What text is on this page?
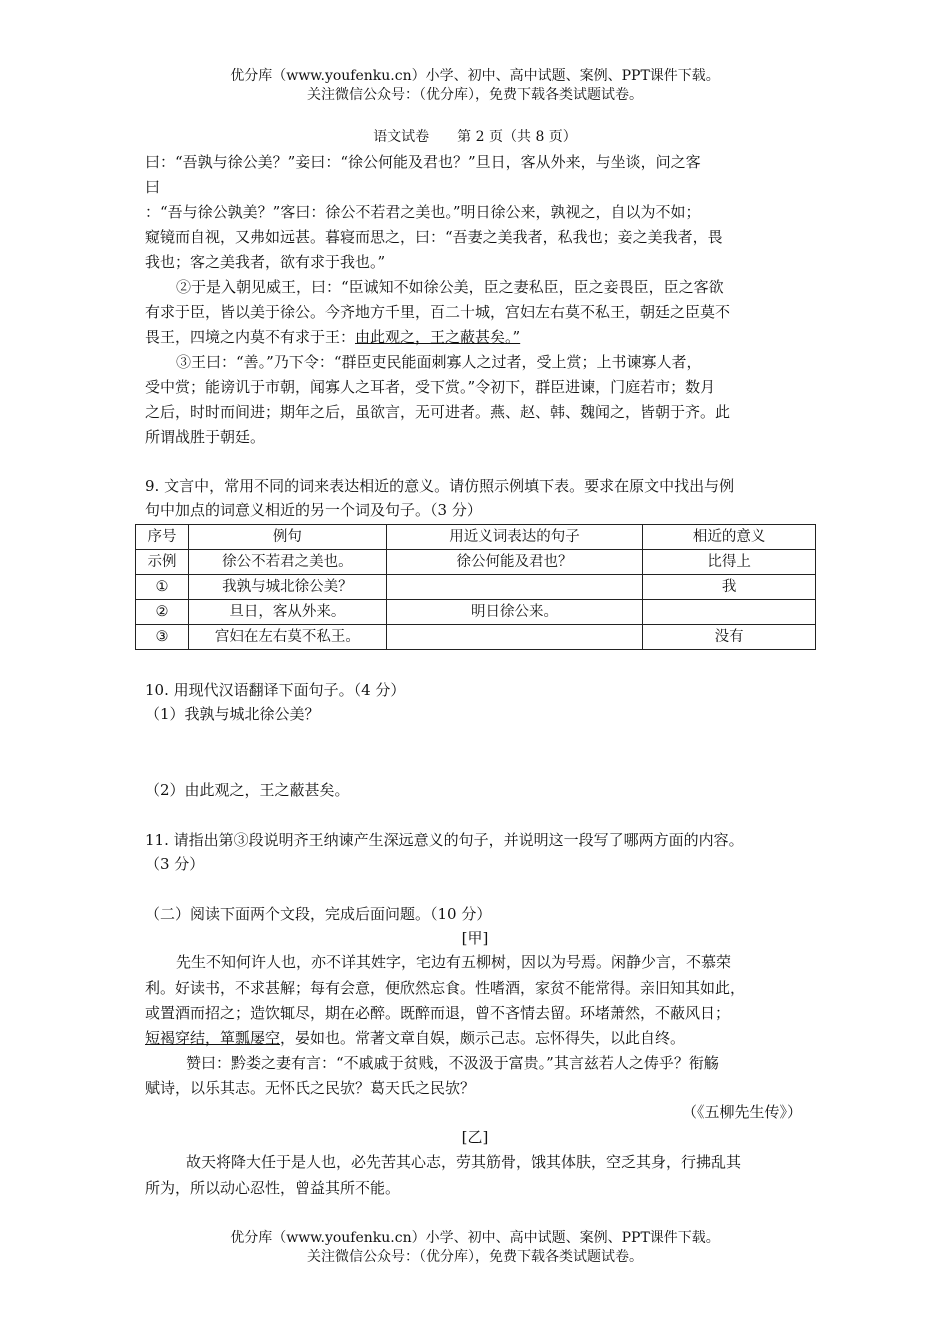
优分库（www.youfenku.cn）小学、初中、高中试题、案例、PPT课件下载。
关注微信公众号：（优分库），免费下载各类试题试卷。
语文试卷　　第 2 页（共 8 页）
曰：“吾孰与徐公美？”妾曰：“徐公何能及君也？”旦日，客从外来，与坐谈，问之客
曰
：“吾与徐公孰美？”客曰：徐公不若君之美也。”明日徐公来，孰视之，自以为不如；
窥镜而自视，又弗如远甚。暮寝而思之，曰：“吾妻之美我者，私我也；妾之美我者，畏
我也；客之美我者，欲有求于我也。”
②于是入朝见威王，曰：“臣诚知不如徐公美，臣之妻私臣，臣之妾畏臣，臣之客欲
有求于臣，皆以美于徐公。今齐地方千里，百二十城，宫妇左右莫不私王，朝廷之臣莫不
畏王，四境之内莫不有求于王：由此观之，王之蔽甚矣。”
③王曰：“善。”乃下令：“群臣吏民能面刺寡人之过者，受上赏；上书谏寡人者，
受中赏；能谤讥于市朝，闻寡人之耳者，受下赏。”令初下，群臣进谏，门庭若市；数月
之后，时时而间进；期年之后，虽欲言，无可进者。燕、赵、韩、魏闻之，皆朝于齐。此
所谓战胜于朝廷。
9. 文言中，常用不同的词来表达相近的意义。请仿照示例填下表。要求在原文中找出与例
句中加点的词意义相近的另一个词及句子。（3 分）
序号	例句	用近义词表达的句子	相近的意义
示例	徐公不若君之美也。	徐公何能及君也？	比得上
①	我孰与城北徐公美？		我
②	旦日，客从外来。	明日徐公来。	
③	宫妇在左右莫不私王。		没有
10. 用现代汉语翻译下面句子。（4 分）
（1）我孰与城北徐公美？
（2）由此观之，王之蔽甚矣。
11. 请指出第③段说明齐王纳谏产生深远意义的句子，并说明这一段写了哪两方面的内容。
（3 分）
（二）阅读下面两个文段，完成后面问题。（10 分）
[甲]
先生不知何许人也，亦不详其姓字，宅边有五柳树，因以为号焉。闲静少言，不慕荣
利。好读书，不求甚解；每有会意，便欣然忘食。性嗜酒，家贫不能常得。亲旧知其如此，
或置酒而招之；造饮辄尽，期在必醉。既醉而退，曾不吝情去留。环堵萧然，不蔽风日；
短褐穿结，箪瓢屡空，晏如也。常著文章自娱，颇示己志。忘怀得失，以此自终。
赞曰：黔娄之妻有言：“不戚戚于贫贱，不汲汲于富贵。”其言兹若人之俦乎？衔觞
赋诗，以乐其志。无怀氏之民欤？葛天氏之民欤？
（《五柳先生传》）
[乙]
故天将降大任于是人也，必先苦其心志，劳其筋骨，饿其体肤，空乏其身，行拂乱其
所为，所以动心忍性，曾益其所不能。
优分库（www.youfenku.cn）小学、初中、高中试题、案例、PPT课件下载。
关注微信公众号：（优分库），免费下载各类试题试卷。
